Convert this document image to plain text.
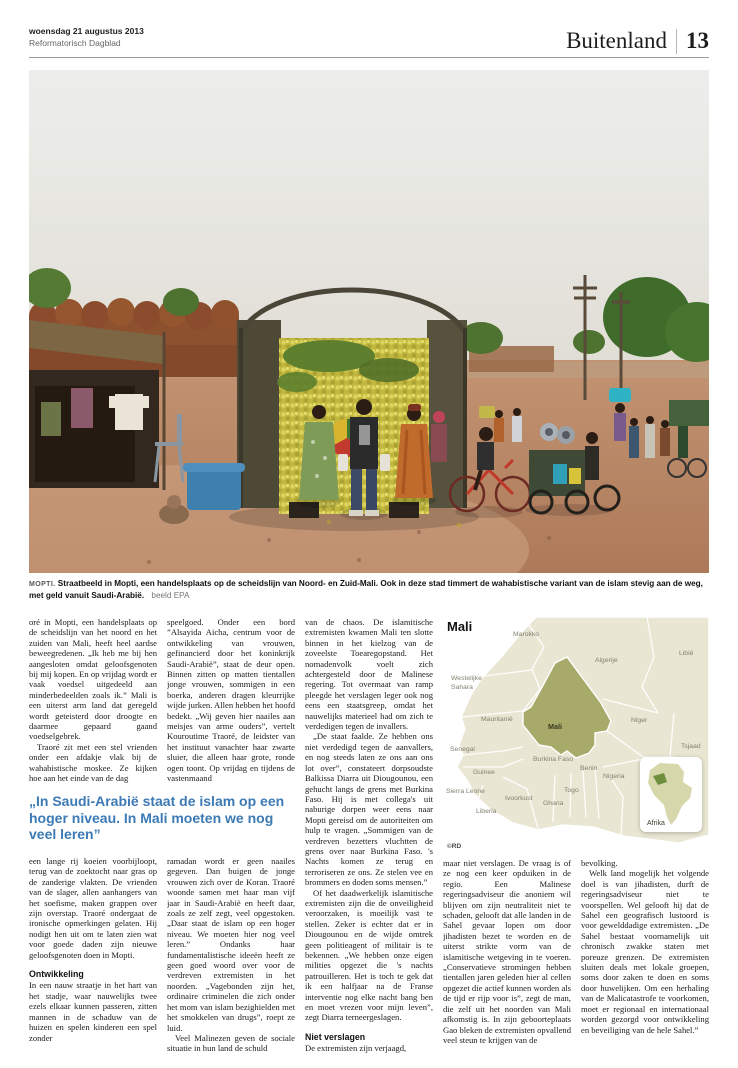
woensdag 21 augustus 2013
Reformatorisch Dagblad	Buitenland 13
MOPTI. Straatbeeld in Mopti, een handelsplaats op de scheidslijn van Noord- en Zuid-Mali. Ook in deze stad timmert de wahabistische variant van de islam stevig aan de weg, met geld vanuit Saudi-Arabië. beeld EPA

oré in Mopti, een handelsplaats op de scheidslijn van het noord en het zuiden van Mali, heeft heel aardse beweegredenen. „Ik heb me bij hen aangesloten omdat geloofsgenoten bij mij kopen. En op vrijdag wordt er vaak voedsel uitgedeeld aan minderbedeelden zoals ik.” Mali is een uiterst arm land dat geregeld wordt geteisterd door droogte en daarmee gepaard gaand voedselgebrek.

Traoré zit met een stel vrienden onder een afdakje vlak bij de wahabistische moskee. Ze kijken hoe aan het einde van de dag

speelgoed. Onder een bord ”Alsayida Aicha, centrum voor de ontwikkeling van vrouwen, gefinancierd door het koninkrijk Saudi-Arabië”, staat de deur open. Binnen zitten op matten tientallen jonge vrouwen, sommigen in een boerka, anderen dragen kleurrijke wijde jurken. Allen hebben het hoofd bedekt. „Wij geven hier naailes aan meisjes van arme ouders”, vertelt Kouroutime Traoré, de leidster van het instituut vanachter haar zwarte sluier, die alleen haar grote, ronde ogen toont. Op vrijdag en tijdens de vastenmaand

„In Saudi-Arabië staat de islam op een hoger niveau. In Mali moeten we nog veel leren”

een lange rij koeien voorbijloopt, terug van de zoektocht naar gras op de zanderige vlakten. De vrienden van de slager, allen aanhangers van het soefisme, maken grappen over zijn overstap. Traoré ondergaat de ironische opmerkingen gelaten. Hij nodigt hen uit om te laten zien wat voor goede daden zijn nieuwe geloofsgenoten doen in Mopti.

Ontwikkeling

In een nauw straatje in het hart van het stadje, waar nauwelijks twee ezels elkaar kunnen passeren, zitten mannen in de schaduw van de huizen en spelen kinderen een spel zonder

ramadan wordt er geen naailes gegeven. Dan buigen de jonge vrouwen zich over de Koran. Traoré woonde samen met haar man vijf jaar in Saudi-Arabië en heeft daar, zoals ze zelf zegt, veel opgestoken. „Daar staat de islam op een hoger niveau. We moeten hier nog veel leren.” Ondanks haar fundamentalistische ideeën heeft ze geen goed woord over voor de verdreven extremisten in het noorden. „Vagebonden zijn het, ordinaire criminelen die zich onder het mom van islam bezighielden met het smokkelen van drugs”, roept ze luid.

Veel Malinezen geven de sociale situatie in hun land de schuld

van de chaos. De islamitische extremisten kwamen Mali ten slotte binnen in het kielzog van de zoveelste Toearegopstand. Het nomadenvolk voelt zich achtergesteld door de Malinese regering. Tot overmaat van ramp pleegde het verslagen leger ook nog eens een staatsgreep, omdat het nauwelijks materieel had om zich te verdedigen tegen de invallers.

„De staat faalde. Ze hebben ons niet verdedigd tegen de aanvallers, en nog steeds laten ze ons aan ons lot over”, constateert dorpsoudste Balkissa Diarra uit Diougounou, een gehucht langs de grens met Burkina Faso. Hij is met collega's uit naburige dorpen weer eens naar Mopti gereisd om de autoriteiten om hulp te vragen. „Sommigen van de verdreven bezetters vluchtten de grens over naar Burkina Faso. 's Nachts komen ze terug en terroriseren ze ons. Ze stelen vee en brommers en doden soms mensen.”

Of het daadwerkelijk islamitische extremisten zijn die de onveiligheid veroorzaken, is moeilijk vast te stellen. Zeker is echter dat er in Diougounou en de wijde omtrek geen politieagent of militair is te bekennen. „We hebben onze eigen milities opgezet die 's nachts patrouilleren. Het is toch te gek dat ik een halfjaar na de Franse interventie nog elke nacht bang ben en moet vrezen voor mijn leven”, zegt Diarra terneergeslagen.

Niet verslagen

De extremisten zijn verjaagd,

maar niet verslagen. De vraag is of ze nog een keer opduiken in de regio. Een Malinese regeringsadviseur die anoniem wil blijven om zijn neutraliteit niet te schaden, gelooft dat alle landen in de Sahel gevaar lopen om door jihadisten bezet te worden en de uiterst strikte vorm van de islamitische wetgeving in te voeren. „Conservatieve stromingen hebben tientallen jaren geleden hier al cellen opgezet die actief kunnen worden als de tijd er rijp voor is”, zegt de man, die zelf uit het noorden van Mali afkomstig is. In zijn geboorteplaats Gao bleken de extremisten opvallend veel steun te krijgen van de

bevolking.

Welk land mogelijk het volgende doel is van jihadisten, durft de regeringsadviseur niet te voorspellen. Wel gelooft hij dat de Sahel een geografisch lustoord is voor gewelddadige extremisten. „De Sahel bestaat voornamelijk uit chronisch zwakke staten met poreuze grenzen. De extremisten sluiten deals met lokale groepen, soms door zaken te doen en soms door huwelijken. Om een herhaling van de Malicatastrofe te voorkomen, moet er regionaal en internationaal worden gezorgd voor ontwikkeling en beveiliging van de hele Sahel.”

Mali
©RD
Marokko
Algerije
Libië
Westelijke
Sahara
Mauritanië
Mali
Niger
Tsjaad
Senegal
Guinee
Burkina Faso
Benin
Nigeria
Sierra Leone
Ivoorkust
Ghana
Togo
Liberia
Afrika
